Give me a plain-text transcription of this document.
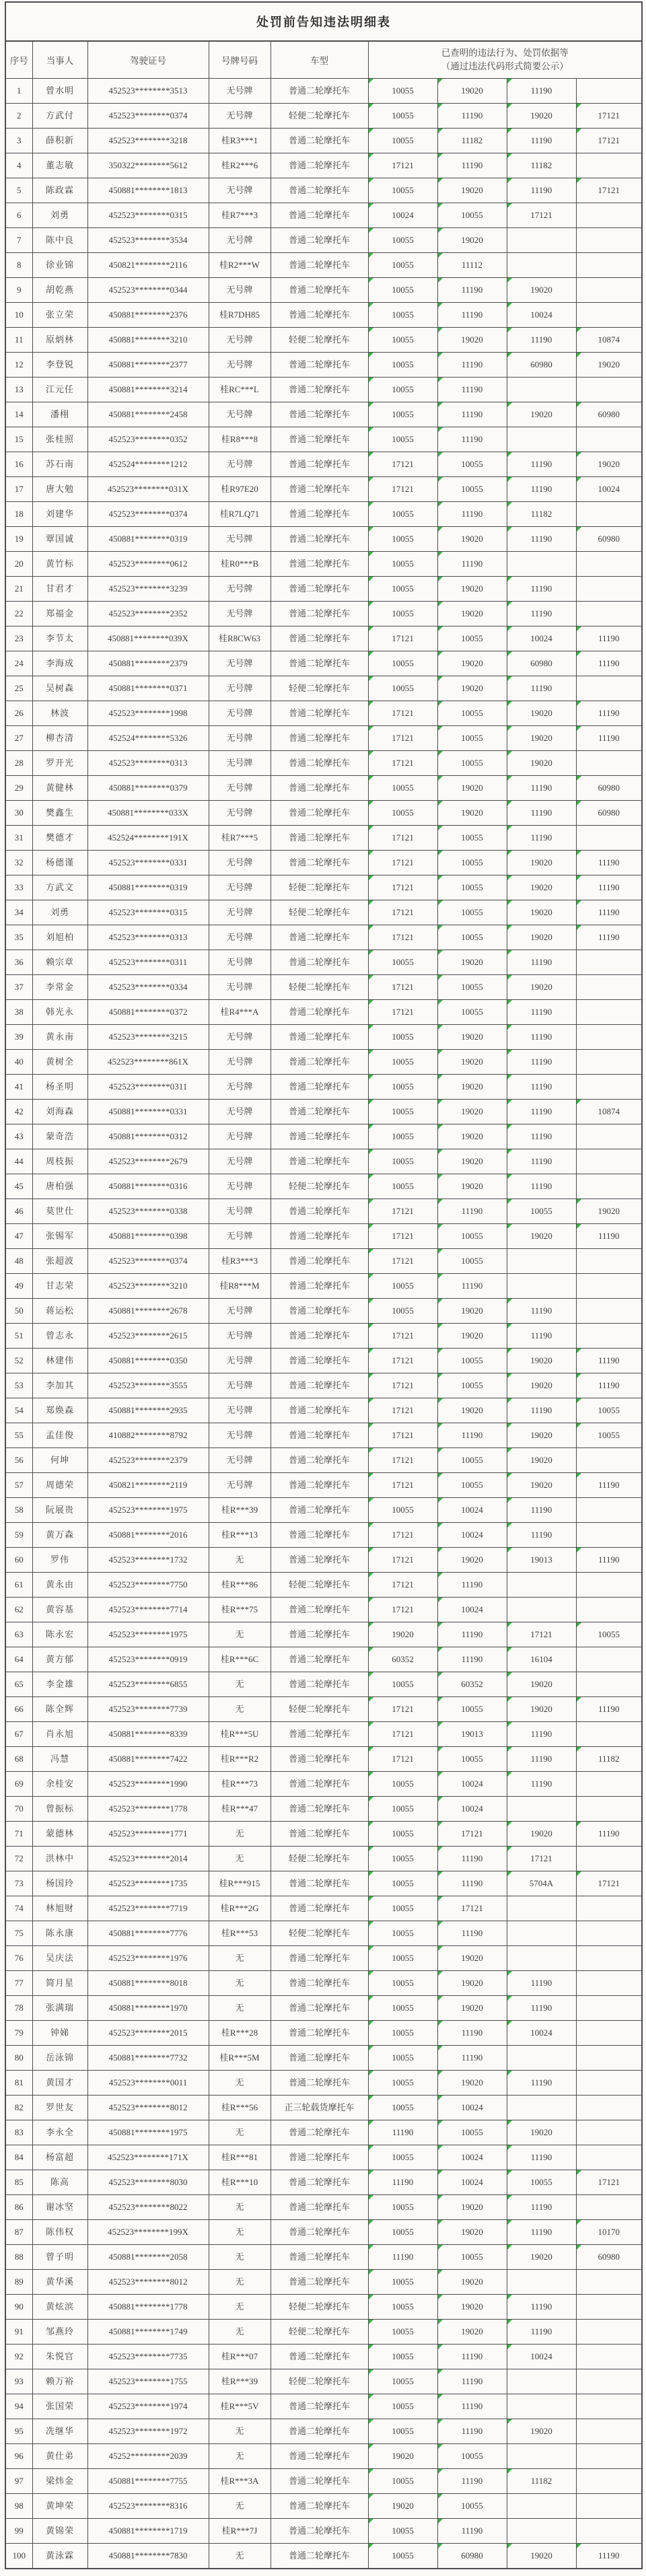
处罚前告知违法明细表								
序号	当事人	驾驶证号	号牌号码	车型	已查明的违法行为、处罚依据等
（通过违法代码形式简要公示）			

1	曾水明	452523********3513	无号牌	普通二轮摩托车	10055	19020	11190	
2	方武付	452523********0374	无号牌	轻便二轮摩托车	10055	11190	19020	17121
3	薛积新	452523********3218	桂R3***1	普通二轮摩托车	10055	11182	11190	17121
4	董志敏	350322********5612	桂R2***6	普通二轮摩托车	17121	11190	11182	
5	陈政霖	450881********1813	无号牌	普通二轮摩托车	10055	19020	11190	17121
6	刘勇	452523********0315	桂R7***3	普通二轮摩托车	10024	10055	17121	
7	陈中良	452523********3534	无号牌	普通二轮摩托车	10055	19020		
8	徐业锦	450821********2116	桂R2***W	普通二轮摩托车	10055	11112		
9	胡乾燕	452523********0344	无号牌	普通二轮摩托车	10055	11190	19020	
10	张立荣	450881********2376	桂R7DH85	普通二轮摩托车	10055	11190	10024	
11	原炳林	450881********3210	无号牌	轻便二轮摩托车	10055	19020	11190	10874
12	李登锐	450881********2377	无号牌	普通二轮摩托车	10055	11190	60980	19020
13	江元任	450881********3214	桂RC***L	普通二轮摩托车	10055	11190		
14	潘栩	450881********2458	无号牌	普通二轮摩托车	10055	11190	19020	60980
15	张桂照	452523********0352	桂R8***8	普通二轮摩托车	10055	11190		
16	苏石南	452524********1212	无号牌	普通二轮摩托车	17121	10055	11190	19020
17	唐大勉	452523********031X	桂R97E20	普通二轮摩托车	17121	10055	11190	10024
18	刘建华	452523********0374	桂R7LQ71	普通二轮摩托车	10055	11190	11182	
19	覃国诚	450881********0319	无号牌	普通二轮摩托车	10055	19020	11190	60980
20	黄竹标	452523********0612	桂R0***B	普通二轮摩托车	10055	11190		
21	甘君才	452523********3239	无号牌	普通二轮摩托车	10055	19020	11190	
22	郑福金	452523********2352	无号牌	普通二轮摩托车	10055	19020	11190	
23	李节太	450881********039X	桂R8CW63	普通二轮摩托车	17121	10055	10024	11190
24	李海成	450881********2379	无号牌	普通二轮摩托车	10055	19020	60980	11190
25	吴树森	450881********0371	无号牌	轻便二轮摩托车	10055	19020	11190	
26	林波	452523********1998	无号牌	普通二轮摩托车	17121	10055	19020	11190
27	柳杏清	452524********5326	无号牌	普通二轮摩托车	17121	10055	19020	11190
28	罗开光	452523********0313	无号牌	普通二轮摩托车	17121	10055	19020	
29	黄健林	450881********0379	无号牌	普通二轮摩托车	10055	19020	11190	60980
30	樊鑫生	450881********033X	无号牌	普通二轮摩托车	10055	19020	11190	60980
31	樊德才	452524********191X	桂R7***5	普通二轮摩托车	17121	10055	11190	
32	杨德谨	452523********0331	无号牌	普通二轮摩托车	17121	10055	19020	11190
33	方武文	450881********0319	无号牌	轻便二轮摩托车	17121	10055	19020	11190
34	刘勇	452523********0315	无号牌	轻便二轮摩托车	17121	10055	19020	11190
35	刘旭柏	452523********0313	无号牌	普通二轮摩托车	17121	10055	19020	11190
36	赖宗章	452523********0311	无号牌	普通二轮摩托车	10055	19020	11190	
37	李常金	452523********0334	无号牌	轻便二轮摩托车	17121	10055	19020	
38	韩光永	450881********0372	桂R4***A	普通二轮摩托车	17121	10055	11190	
39	黄永南	452523********3215	无号牌	普通二轮摩托车	10055	19020	11190	
40	黄树全	452523********861X	无号牌	普通二轮摩托车	10055	19020	11190	
41	杨圣明	452523********0311	无号牌	普通二轮摩托车	10055	19020	11190	
42	刘海森	450881********0331	无号牌	普通二轮摩托车	10055	19020	11190	10874
43	蒙奇浩	450881********0312	无号牌	普通二轮摩托车	10055	19020	11190	
44	周枝振	452523********2679	无号牌	普通二轮摩托车	10055	19020	11190	
45	唐柏强	450881********0316	无号牌	轻便二轮摩托车	10055	19020	11190	
46	莫世仕	452523********0338	无号牌	普通二轮摩托车	17121	11190	10055	19020
47	张锡军	450881********0398	无号牌	普通二轮摩托车	17121	10055	19020	11190
48	张超波	452523********0374	桂R3***3	普通二轮摩托车	17121	10055		
49	甘志荣	452523********3210	桂R8***M	普通二轮摩托车	10055	11190		
50	蒋运松	450881********2678	无号牌	普通二轮摩托车	10055	19020	11190	
51	曾志永	452523********2615	无号牌	普通二轮摩托车	17121	19020	11190	
52	林建伟	450881********0350	无号牌	普通二轮摩托车	17121	10055	19020	11190
53	李加其	452523********3555	无号牌	普通二轮摩托车	17121	10055	19020	11190
54	郑焕森	450881********2935	无号牌	普通二轮摩托车	17121	19020	11190	10055
55	孟佳俊	410882********8792	无号牌	普通二轮摩托车	17121	11190	19020	10055
56	何坤	452523********2379	无号牌	普通二轮摩托车	17121	10055	19020	
57	周德荣	450821********2119	无号牌	普通二轮摩托车	17121	10055	19020	11190
58	阮展贵	452523********1975	桂R***39	普通二轮摩托车	10055	10024	11190	
59	黄万森	450881********2016	桂R***13	普通二轮摩托车	17121	10024	11190	
60	罗伟	452523********1732	无	普通二轮摩托车	17121	19020	19013	11190
61	黄永由	452523********7750	桂R***86	轻便二轮摩托车	17121	11190		
62	黄容基	452523********7714	桂R***75	普通二轮摩托车	17121	10024		
63	陈永宏	452523********1975	无	普通二轮摩托车	19020	11190	17121	10055
64	黄方郁	452523********0919	桂R***6C	普通二轮摩托车	60352	11190	16104	
65	李金雄	452523********6855	无	普通二轮摩托车	10055	60352	19020	
66	陈全辉	452523********7739	无	轻便二轮摩托车	17121	10055	19020	11190
67	肖永旭	450881********8339	桂R***5U	普通二轮摩托车	17121	19013	11190	
68	冯慧	450881********7422	桂R***R2	普通二轮摩托车	17121	10055	11190	11182
69	余桂安	452523********1990	桂R***73	普通二轮摩托车	10055	10024	11190	
70	曾振标	452523********1778	桂R***47	普通二轮摩托车	10055	10024		
71	蒙德林	452523********1771	无	普通二轮摩托车	10055	17121	19020	11190
72	洪林中	452523********2014	无	轻便二轮摩托车	10055	11190	17121	
73	杨国玲	452523********1735	桂R***915	普通二轮摩托车	10055	11190	5704A	17121
74	林旭财	452523********7719	桂R***2G	普通二轮摩托车	10055	17121		
75	陈永康	450881********7776	桂R***53	轻便二轮摩托车	10055	11190		
76	吴庆法	452523********1976	无	普通二轮摩托车	10055	19020		
77	简月星	450881********8018	无	普通二轮摩托车	10055	19020	11190	
78	张满瑞	450881********1970	无	普通二轮摩托车	10055	19020	11190	
79	钟娣	452523********2015	桂R***28	普通二轮摩托车	10055	11190	10024	
80	岳泳锦	450881********7732	桂R***5M	普通二轮摩托车	10055	11190		
81	黄国才	452523********0011	无	普通二轮摩托车	10055	19020	11190	
82	罗世友	452523********8012	桂R***56	正三轮载货摩托车	10055	10024		
83	李永全	450881********1975	无	普通二轮摩托车	11190	10055	19020	
84	杨富超	452523********171X	桂R***81	普通二轮摩托车	10055	10024	11190	
85	陈高	452523********8030	桂R***10	普通二轮摩托车	11190	10024	10055	17121
86	谢冰坚	452523********8022	无	普通二轮摩托车	10055	19020	11190	
87	陈伟权	452523********199X	无	普通二轮摩托车	10055	19020	11190	10170
88	曾子明	450881********2058	无	普通二轮摩托车	11190	10055	19020	60980
89	黄华溪	452523********8012	无	普通二轮摩托车	10055	19020		
90	黄炫滨	450881********1778	无	轻便二轮摩托车	10055	19020	11190	
91	邹燕玲	450881********1749	无	轻便二轮摩托车	10055	19020	11190	
92	朱悦官	452523********7735	桂R***07	普通二轮摩托车	10055	11190	10024	
93	赖万裕	452523********1755	桂R***39	轻便二轮摩托车	10055	11190		
94	张国荣	452523********1974	桂R***5V	普通二轮摩托车	10055	11190		
95	冼继华	452523********1972	无	普通二轮摩托车	10055	11190	19020	
96	黄仕弟	45252*********2039	无	普通二轮摩托车	19020	10055		
97	梁炜金	450881********7755	桂R***3A	普通二轮摩托车	10055	11190	11182	
98	黄坤荣	452523********8316	无	普通二轮摩托车	19020	10055		
99	黄锦荣	450881********1719	桂R***7J	普通二轮摩托车	10055	11190		
100	黄泳霖	450881********7830	无	普通二轮摩托车	10055	60980	19020	11190
